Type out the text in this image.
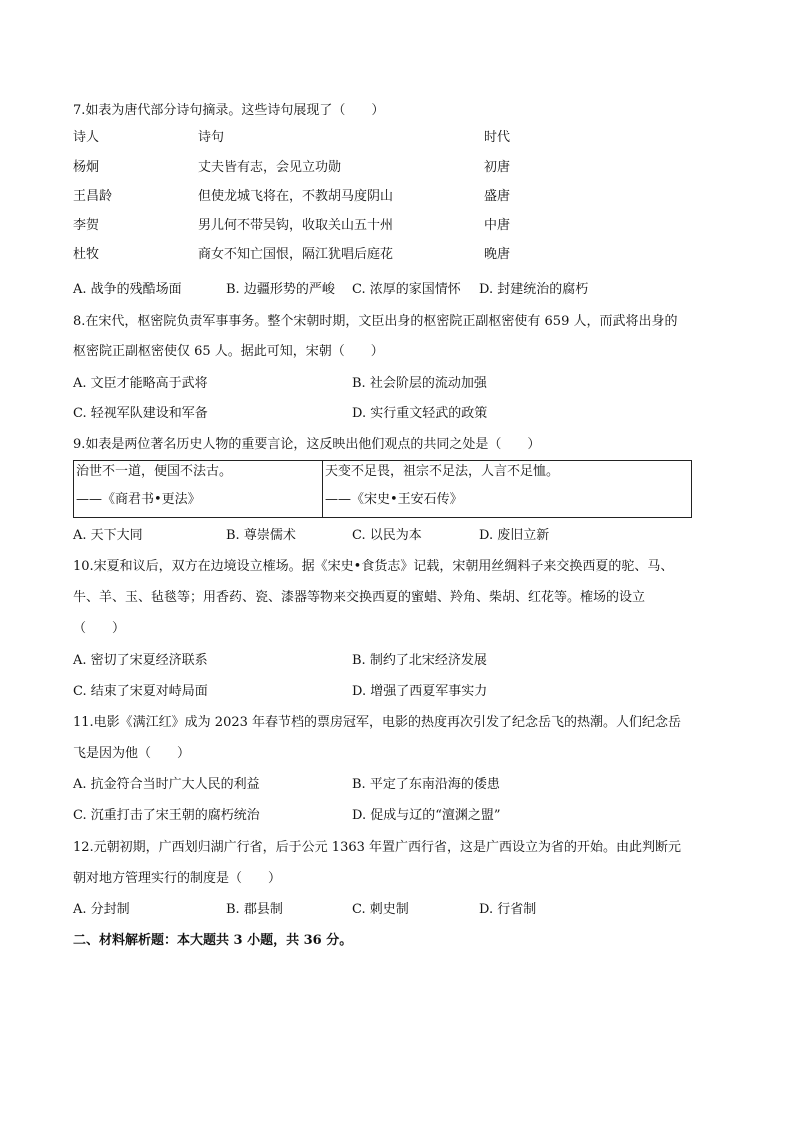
7.如表为唐代部分诗句摘录。这些诗句展现了（　　）
诗人	诗句	时代
杨炯	丈夫皆有志，会见立功勋	初唐
王昌龄	但使龙城飞将在，不教胡马度阴山	盛唐
李贺	男儿何不带吴钩，收取关山五十州	中唐
杜牧	商女不知亡国恨，隔江犹唱后庭花	晚唐
A. 战争的残酷场面	B. 边疆形势的严峻 C. 浓厚的家国情怀 D. 封建统治的腐朽
8.在宋代，枢密院负责军事事务。整个宋朝时期，文臣出身的枢密院正副枢密使有 659 人，而武将出身的
枢密院正副枢密使仅 65 人。据此可知，宋朝（　　）
A. 文臣才能略高于武将	B. 社会阶层的流动加强
C. 轻视军队建设和军备	D. 实行重文轻武的政策
9.如表是两位著名历史人物的重要言论，这反映出他们观点的共同之处是（　　）
治世不一道，便国不法古。
——《商君书•更法》
天变不足畏，祖宗不足法，人言不足恤。
——《宋史•王安石传》
A. 天下大同	B. 尊崇儒术	C. 以民为本	D. 废旧立新
10.宋夏和议后，双方在边境设立榷场。据《宋史•食货志》记载，宋朝用丝绸料子来交换西夏的驼、马、
牛、羊、玉、毡毯等；用香药、瓷、漆器等物来交换西夏的蜜蜡、羚角、柴胡、红花等。榷场的设立
（　　）
A. 密切了宋夏经济联系	B. 制约了北宋经济发展
C. 结束了宋夏对峙局面	D. 增强了西夏军事实力
11.电影《满江红》成为 2023 年春节档的票房冠军，电影的热度再次引发了纪念岳飞的热潮。人们纪念岳
飞是因为他（　　）
A. 抗金符合当时广大人民的利益	B. 平定了东南沿海的倭患
C. 沉重打击了宋王朝的腐朽统治	D. 促成与辽的“澶渊之盟”
12.元朝初期，广西划归湖广行省，后于公元 1363 年置广西行省，这是广西设立为省的开始。由此判断元
朝对地方管理实行的制度是（　　）
A. 分封制	B. 郡县制	C. 刺史制	D. 行省制
二、材料解析题：本大题共 3 小题，共 36 分。
